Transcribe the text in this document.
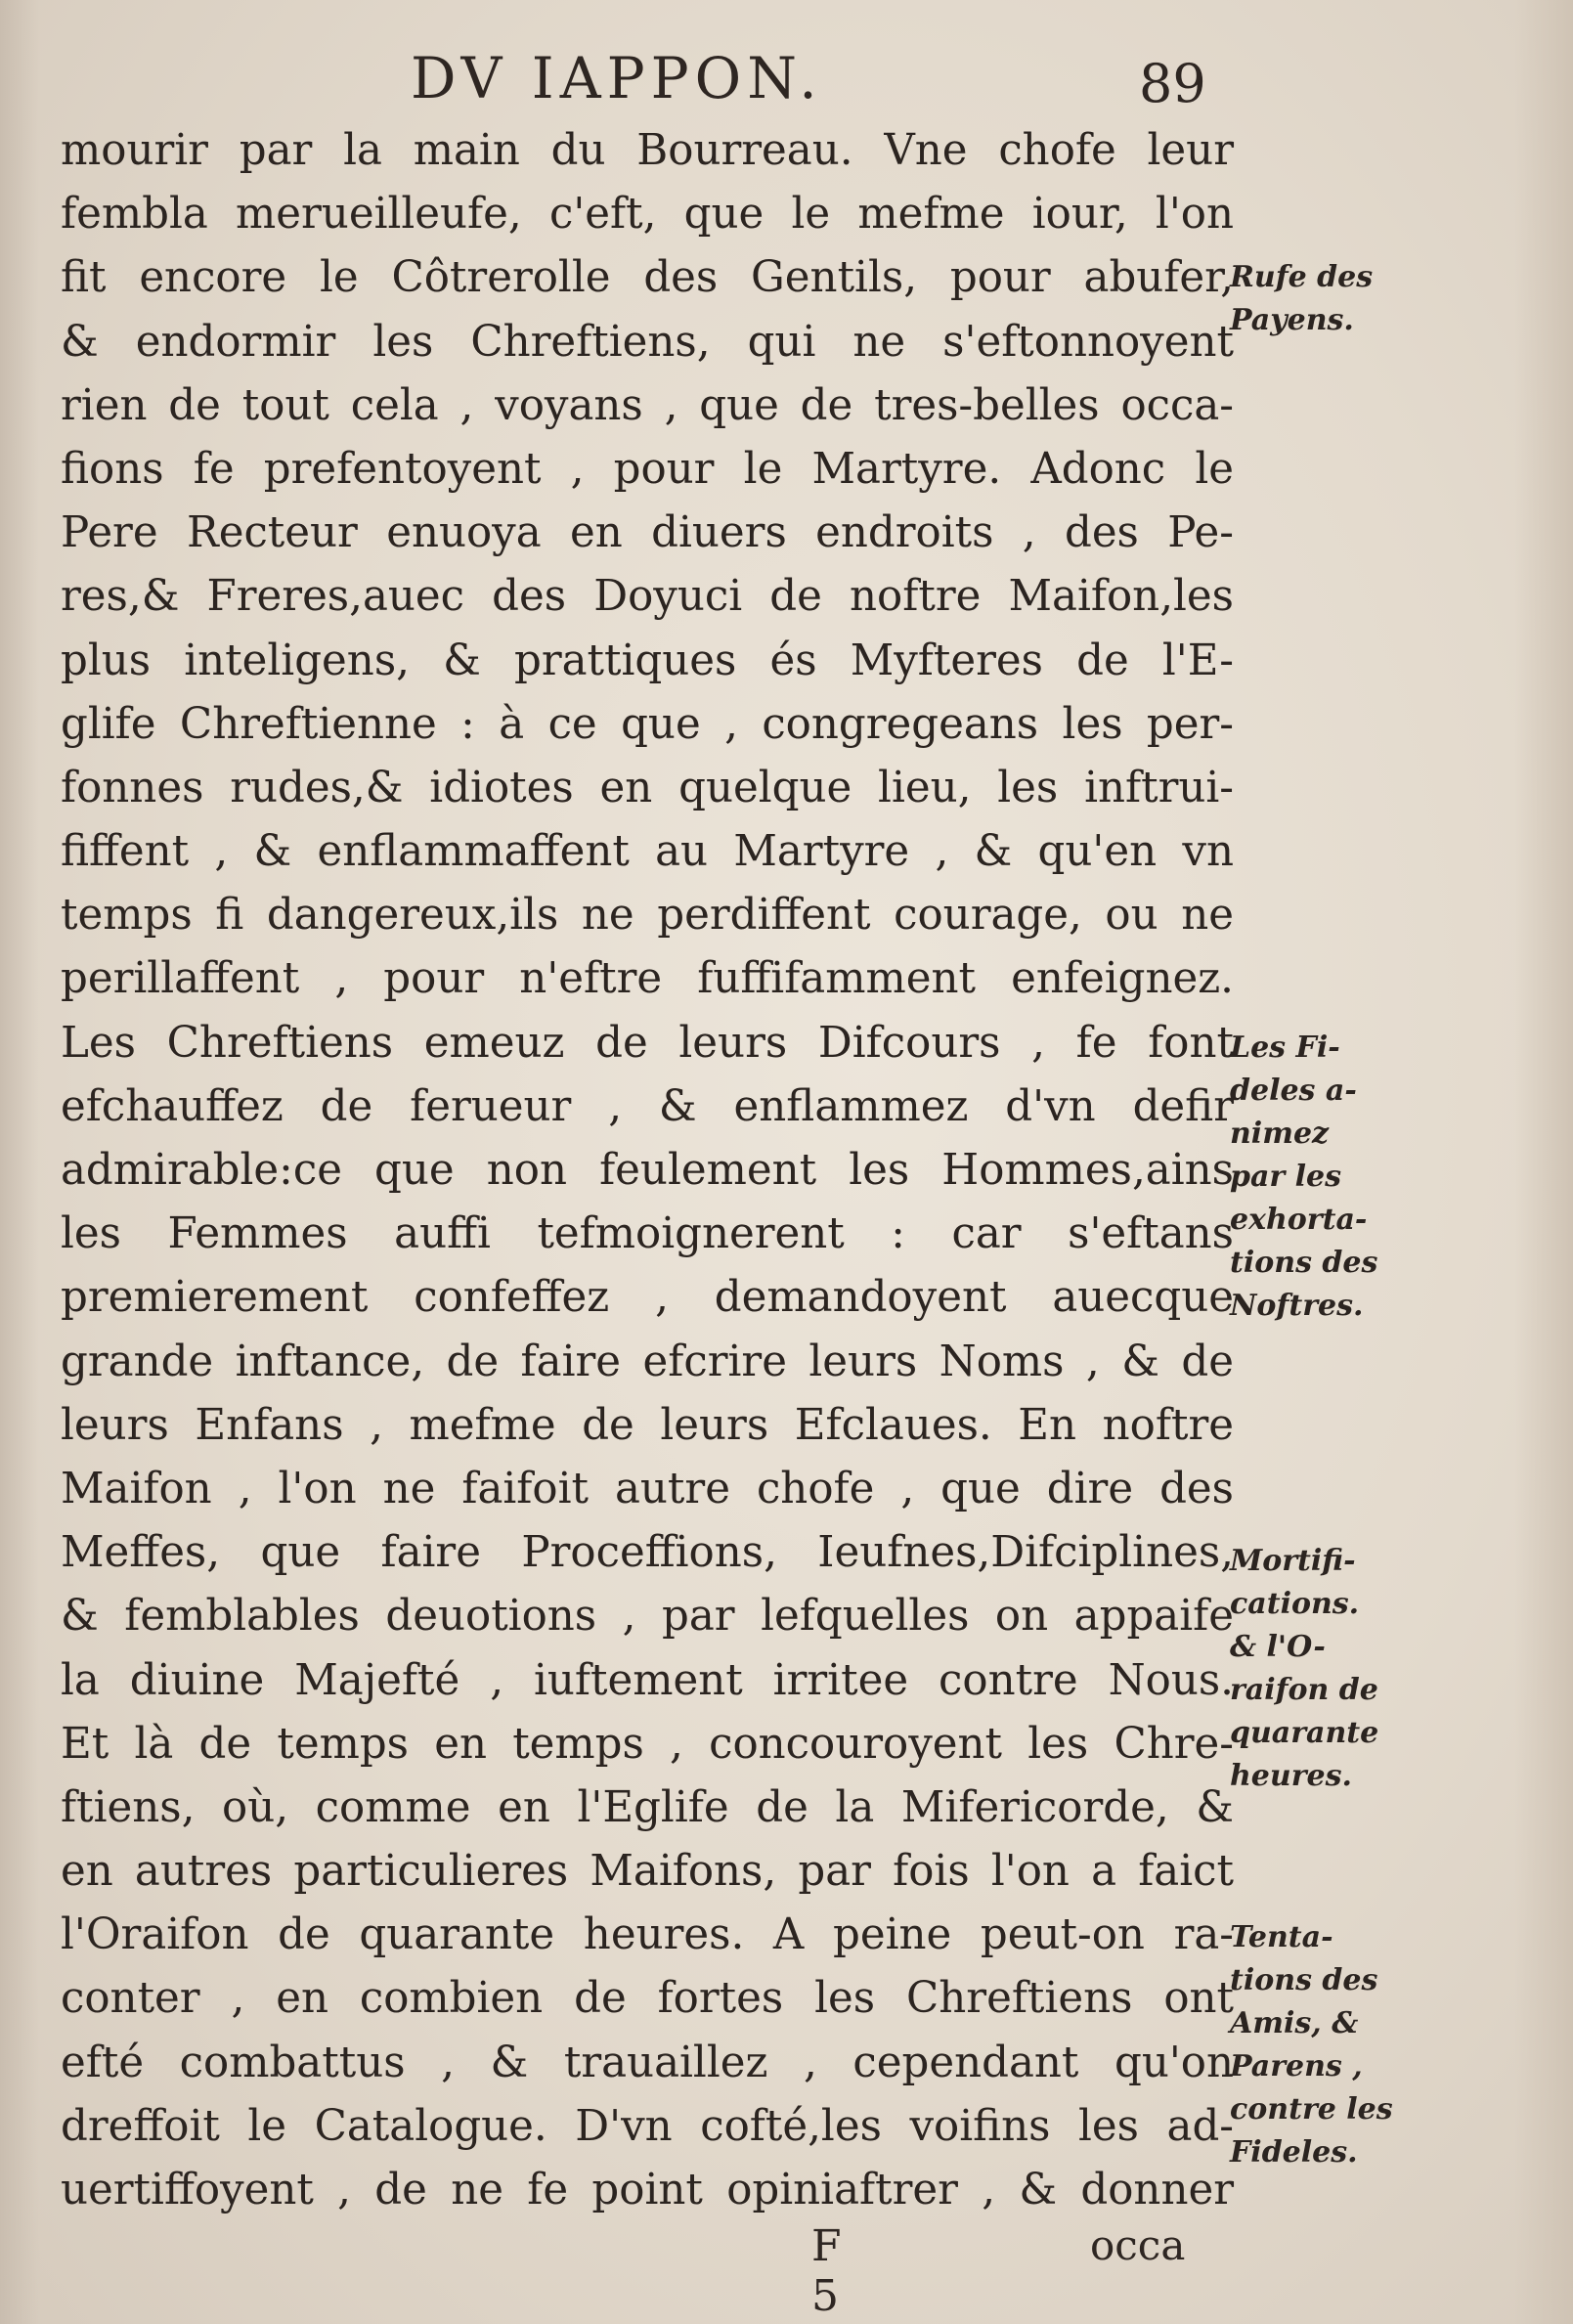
DV IAPPON.	89
mourir par la main du Bourreau. Vne chofe leur
fembla merueilleufe, c'eft, que le mefme iour, l'on
fit encore le Côtrerolle des Gentils, pour abufer,
& endormir les Chreftiens, qui ne s'eftonnoyent
rien de tout cela , voyans , que de tres-belles occa-
fions fe prefentoyent , pour le Martyre. Adonc le
Pere Recteur enuoya en diuers endroits , des Pe-
res,& Freres,auec des Doyuci de noftre Maifon,les
plus inteligens, & prattiques és Myfteres de l'E-
glife Chreftienne : à ce que , congregeans les per-
fonnes rudes,& idiotes en quelque lieu, les inftrui-
fiffent , & enflammaffent au Martyre , & qu'en vn
temps fi dangereux,ils ne perdiffent courage, ou ne
perillaffent , pour n'eftre fuffifamment enfeignez.
Les Chreftiens emeuz de leurs Difcours , fe font
efchauffez de ferueur , & enflammez d'vn defir
admirable:ce que non feulement les Hommes,ains
les Femmes auffi tefmoignerent : car s'eftans
premierement confeffez , demandoyent auecque
grande inftance, de faire efcrire leurs Noms , & de
leurs Enfans , mefme de leurs Efclaues. En noftre
Maifon , l'on ne faifoit autre chofe , que dire des
Meffes, que faire Proceffions, Ieufnes,Difciplines,
& femblables deuotions , par lefquelles on appaife
la diuine Majefté , iuftement irritee contre Nous.
Et là de temps en temps , concouroyent les Chre-
ftiens, où, comme en l'Eglife de la Mifericorde, &
en autres particulieres Maifons, par fois l'on a faict
l'Oraifon de quarante heures. A peine peut-on ra-
conter , en combien de fortes les Chreftiens ont
efté combattus , & trauaillez , cependant qu'on
dreffoit le Catalogue. D'vn cofté,les voifins les ad-
uertiffoyent , de ne fe point opiniaftrer , & donner
Rufe des
Payens.
Les Fi-
deles a-
nimez
par les
exhorta-
tions des
Noftres.
Mortifi-
cations.
& l'O-
raifon de
quarante
heures.
Tenta-
tions des
Amis, &
Parens ,
contre les
Fideles.
F 5
occa
